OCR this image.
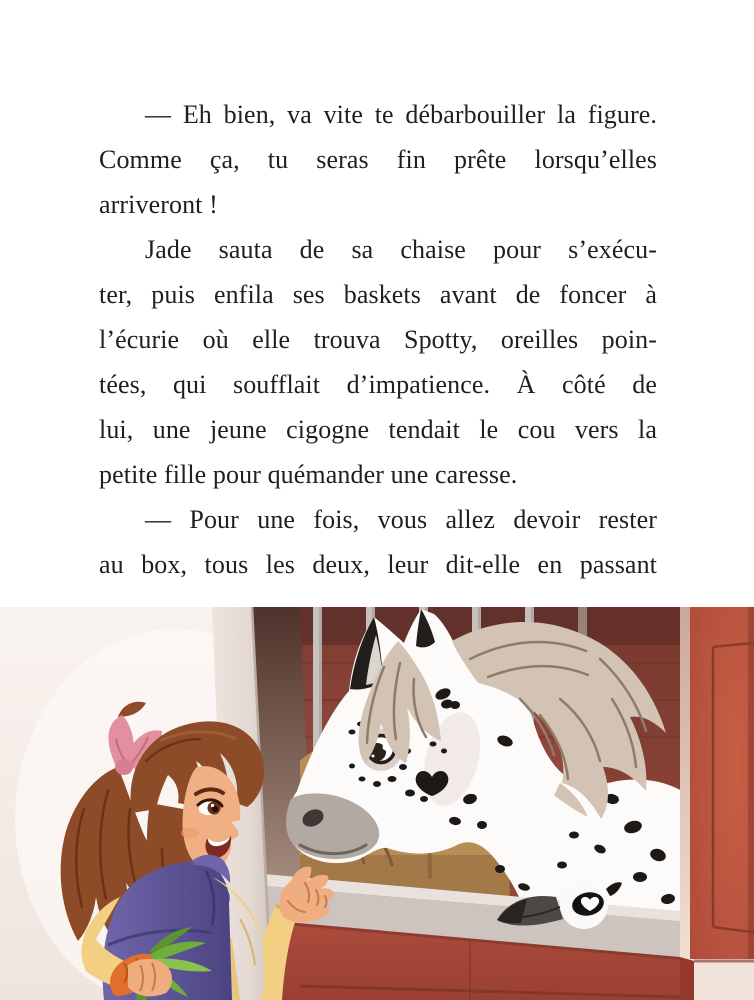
— Eh bien, va vite te débarbouiller la figure.
Comme ça, tu seras fin prête lorsqu’elles
arriveront !
Jade sauta de sa chaise pour s’exécu-
ter, puis enfila ses baskets avant de foncer à
l’écurie où elle trouva Spotty, oreilles poin-
tées, qui soufflait d’impatience. À côté de
lui, une jeune cigogne tendait le cou vers la
petite fille pour quémander une caresse.
— Pour une fois, vous allez devoir rester
au box, tous les deux, leur dit-elle en passant
